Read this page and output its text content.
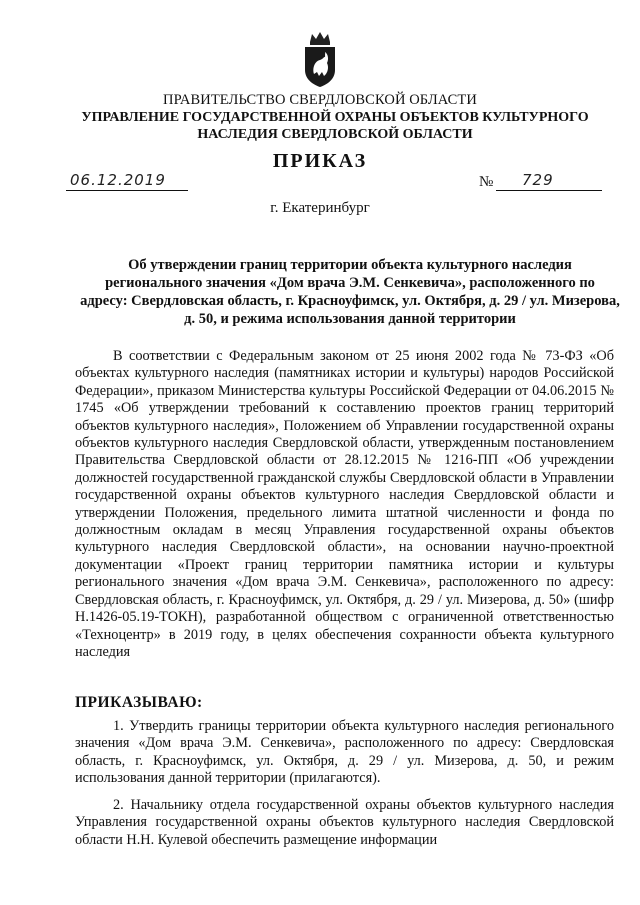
ПРАВИТЕЛЬСТВО СВЕРДЛОВСКОЙ ОБЛАСТИ
УПРАВЛЕНИЕ ГОСУДАРСТВЕННОЙ ОХРАНЫ ОБЪЕКТОВ КУЛЬТУРНОГО НАСЛЕДИЯ СВЕРДЛОВСКОЙ ОБЛАСТИ
ПРИКАЗ
06.12.2019	№ 729
г. Екатеринбург
Об утверждении границ территории объекта культурного наследия регионального значения «Дом врача Э.М. Сенкевича», расположенного по адресу: Свердловская область, г. Красноуфимск, ул. Октября, д. 29 / ул. Мизерова, д. 50, и режима использования данной территории
В соответствии с Федеральным законом от 25 июня 2002 года № 73-ФЗ «Об объектах культурного наследия (памятниках истории и культуры) народов Российской Федерации», приказом Министерства культуры Российской Федерации от 04.06.2015 № 1745 «Об утверждении требований к составлению проектов границ территорий объектов культурного наследия», Положением об Управлении государственной охраны объектов культурного наследия Свердловской области, утвержденным постановлением Правительства Свердловской области от 28.12.2015 № 1216-ПП «Об учреждении должностей государственной гражданской службы Свердловской области в Управлении государственной охраны объектов культурного наследия Свердловской области и утверждении Положения, предельного лимита штатной численности и фонда по должностным окладам в месяц Управления государственной охраны объектов культурного наследия Свердловской области», на основании научно-проектной документации «Проект границ территории памятника истории и культуры регионального значения «Дом врача Э.М. Сенкевича», расположенного по адресу: Свердловская область, г. Красноуфимск, ул. Октября, д. 29 / ул. Мизерова, д. 50» (шифр Н.1426-05.19-ТОКН), разработанной обществом с ограниченной ответственностью «Техноцентр» в 2019 году, в целях обеспечения сохранности объекта культурного наследия
ПРИКАЗЫВАЮ:
1. Утвердить границы территории объекта культурного наследия регионального значения «Дом врача Э.М. Сенкевича», расположенного по адресу: Свердловская область, г. Красноуфимск, ул. Октября, д. 29 / ул. Мизерова, д. 50, и режим использования данной территории (прилагаются).
2. Начальнику отдела государственной охраны объектов культурного наследия Управления государственной охраны объектов культурного наследия Свердловской области Н.Н. Кулевой обеспечить размещение информации
